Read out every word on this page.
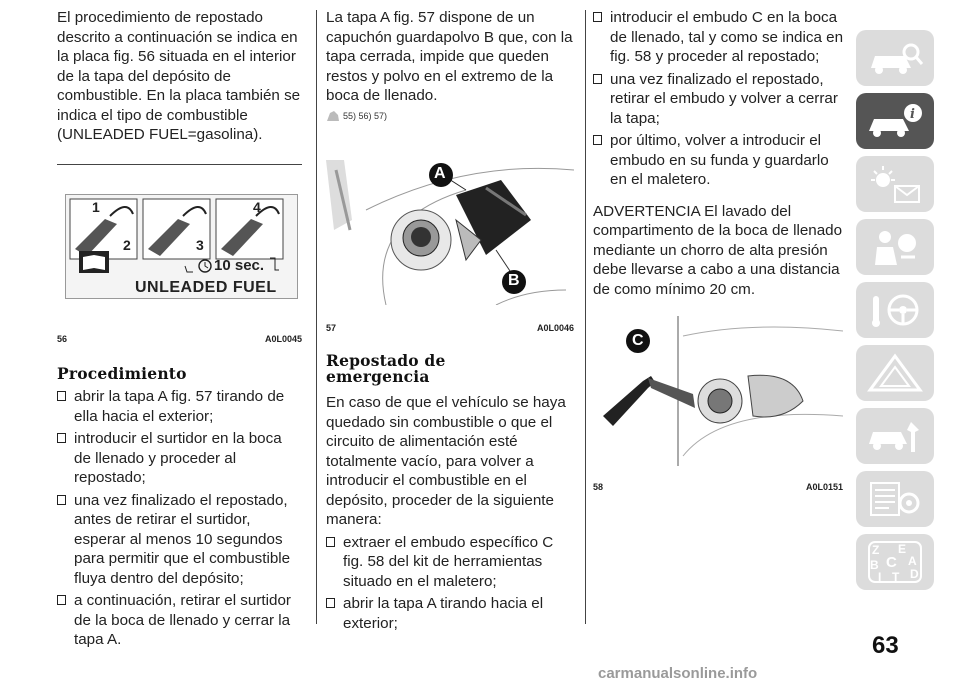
El procedimiento de repostado descrito a continuación se indica en la placa fig. 56 situada en el interior de la tapa del depósito de combustible. En la placa también se indica el tipo de combustible (UNLEADED FUEL=gasolina).

1
2	3
4
10 sec.
UNLEADED FUEL
56	A0L0045
Procedimiento
abrir la tapa A fig. 57 tirando de ella hacia el exterior;
introducir el surtidor en la boca de llenado y proceder al repostado;
una vez finalizado el repostado, antes de retirar el surtidor, esperar al menos 10 segundos para permitir que el combustible fluya dentro del depósito;
a continuación, retirar el surtidor de la boca de llenado y cerrar la tapa A.

La tapa A fig. 57 dispone de un capuchón guardapolvo B que, con la tapa cerrada, impide que queden restos y polvo en el extremo de la boca de llenado.

55) 56) 57)
A
B
57	A0L0046
Repostado de emergencia

En caso de que el vehículo se haya quedado sin combustible o que el circuito de alimentación esté totalmente vacío, para volver a introducir el combustible en el depósito, proceder de la siguiente manera:

extraer el embudo específico C fig. 58 del kit de herramientas situado en el maletero;
abrir la tapa A tirando hacia el exterior;
introducir el embudo C en la boca de llenado, tal y como se indica en fig. 58 y proceder al repostado;
una vez finalizado el repostado, retirar el embudo y volver a cerrar la tapa;
por último, volver a introducir el embudo en su funda y guardarlo en el maletero.

ADVERTENCIA El lavado del compartimento de la boca de llenado mediante un chorro de alta presión debe llevarse a cabo a una distancia de como mínimo 20 cm.

C
58	A0L0151
i
Z E
A
B C
D
I T
63
carmanualsonline.info
